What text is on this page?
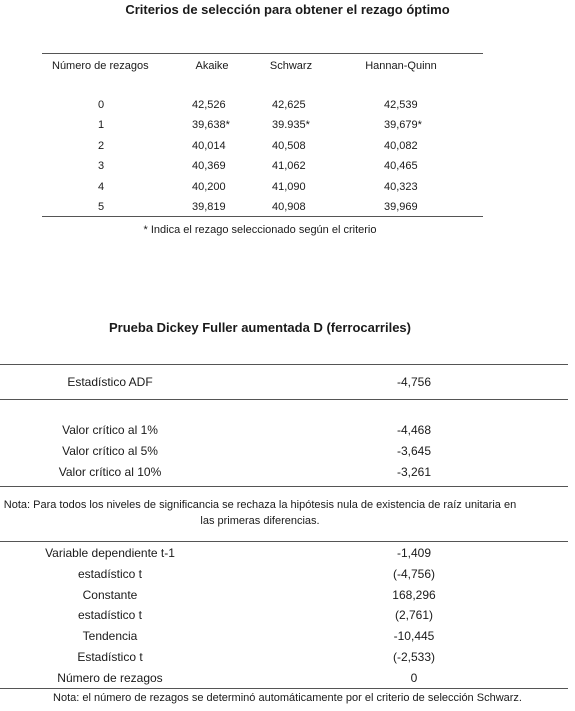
Criterios de selección para obtener el rezago óptimo
Número de rezagos	Akaike	Schwarz	Hannan-Quinn
0	42,526	42,625	42,539
1	39,638*	39.935*	39,679*
2	40,014	40,508	40,082
3	40,369	41,062	40,465
4	40,200	41,090	40,323
5	39,819	40,908	39,969
* Indica el rezago seleccionado según el criterio
Prueba Dickey Fuller aumentada D (ferrocarriles)
Estadístico ADF	-4,756
Valor crítico al 1%	-4,468
Valor crítico al 5%	-3,645
Valor crítico al 10%	-3,261
Nota: Para todos los niveles de significancia se rechaza la hipótesis nula de existencia de raíz unitaria en las primeras diferencias.
Variable dependiente t-1	-1,409
estadístico t	(-4,756)
Constante	168,296
estadístico t	(2,761)
Tendencia	-10,445
Estadístico t	(-2,533)
Número de rezagos	0
Nota: el número de rezagos se determinó automáticamente por el criterio de selección Schwarz.
